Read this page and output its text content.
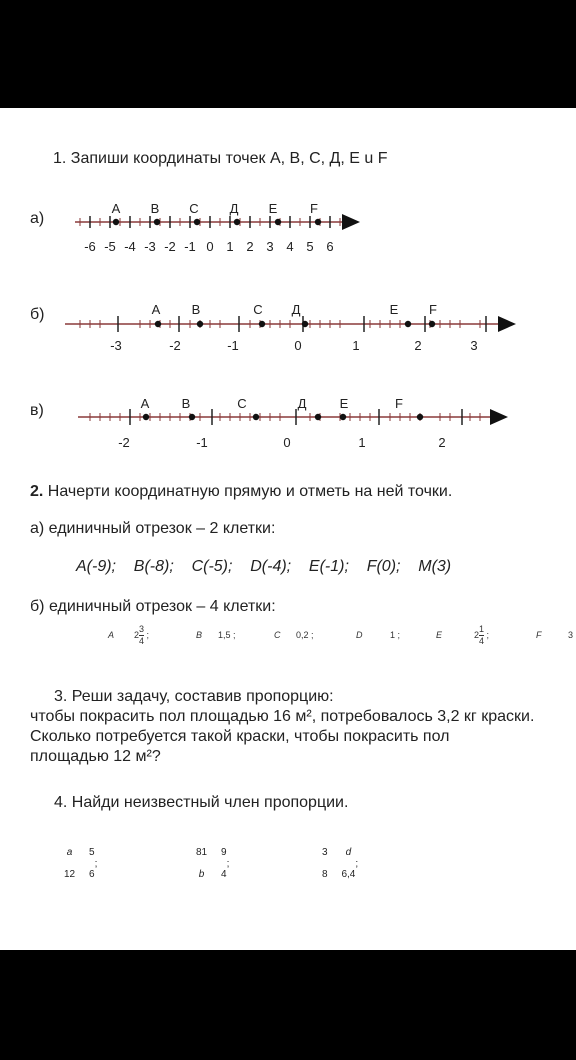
1. Запиши координаты точек А, В, С, Д, Е u F
а)
-6 -5 -4 -3 -2 -1 0 1 2 3 4 5 6
А В С Д Е	F
б)
-3	-2	-1	0	1	2	3
А В	С Д	Е F
в)
-2	-1	0	1	2
А В	С	Д	Е	F
2. Начерти координатную прямую и отметь на ней точки.
а) единичный отрезок – 2 клетки:
A(-9); B(-8); C(-5); D(-4); E(-1); F(0); M(3)
б) единичный отрезок – 4 клетки:
A $2 \frac{3}{4}$ ;	B 1,5 ;	C 0,2 ;	D	1 ;	E	$2 \frac{1}{4}$ ;	F	3
3. Реши задачу, составив пропорцию:
чтобы покрасить пол площадью 16 м², потребовалось 3,2 кг краски.
Сколько потребуется такой краски, чтобы покрасить пол
площадью 12 м²?
4. Найди неизвестный член пропорции.
a
12

5
6
;
81
b

9
4
;
3
8

d
6,4
;
